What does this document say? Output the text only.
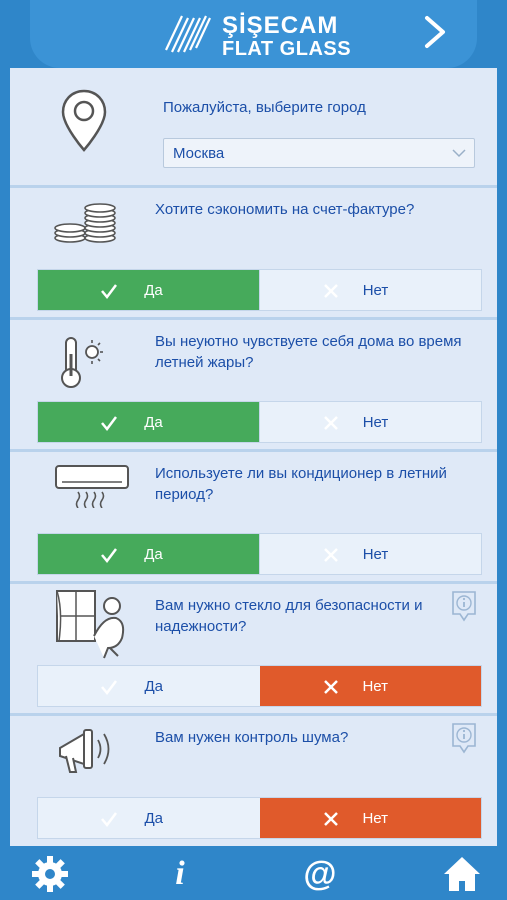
ŞİŞECAM
FLAT GLASS
Пожалуйста, выберите город
Москва
Хотите сэкономить на счет-фактуре?
Да	Нет
Вы неуютно чувствуете себя дома во время летней жары?
Да	Нет
Используете ли вы кондиционер в летний период?
Да	Нет
Вам нужно стекло для безопасности и надежности?
Да	Нет
Вам нужен контроль шума?
Да	Нет
i	@
